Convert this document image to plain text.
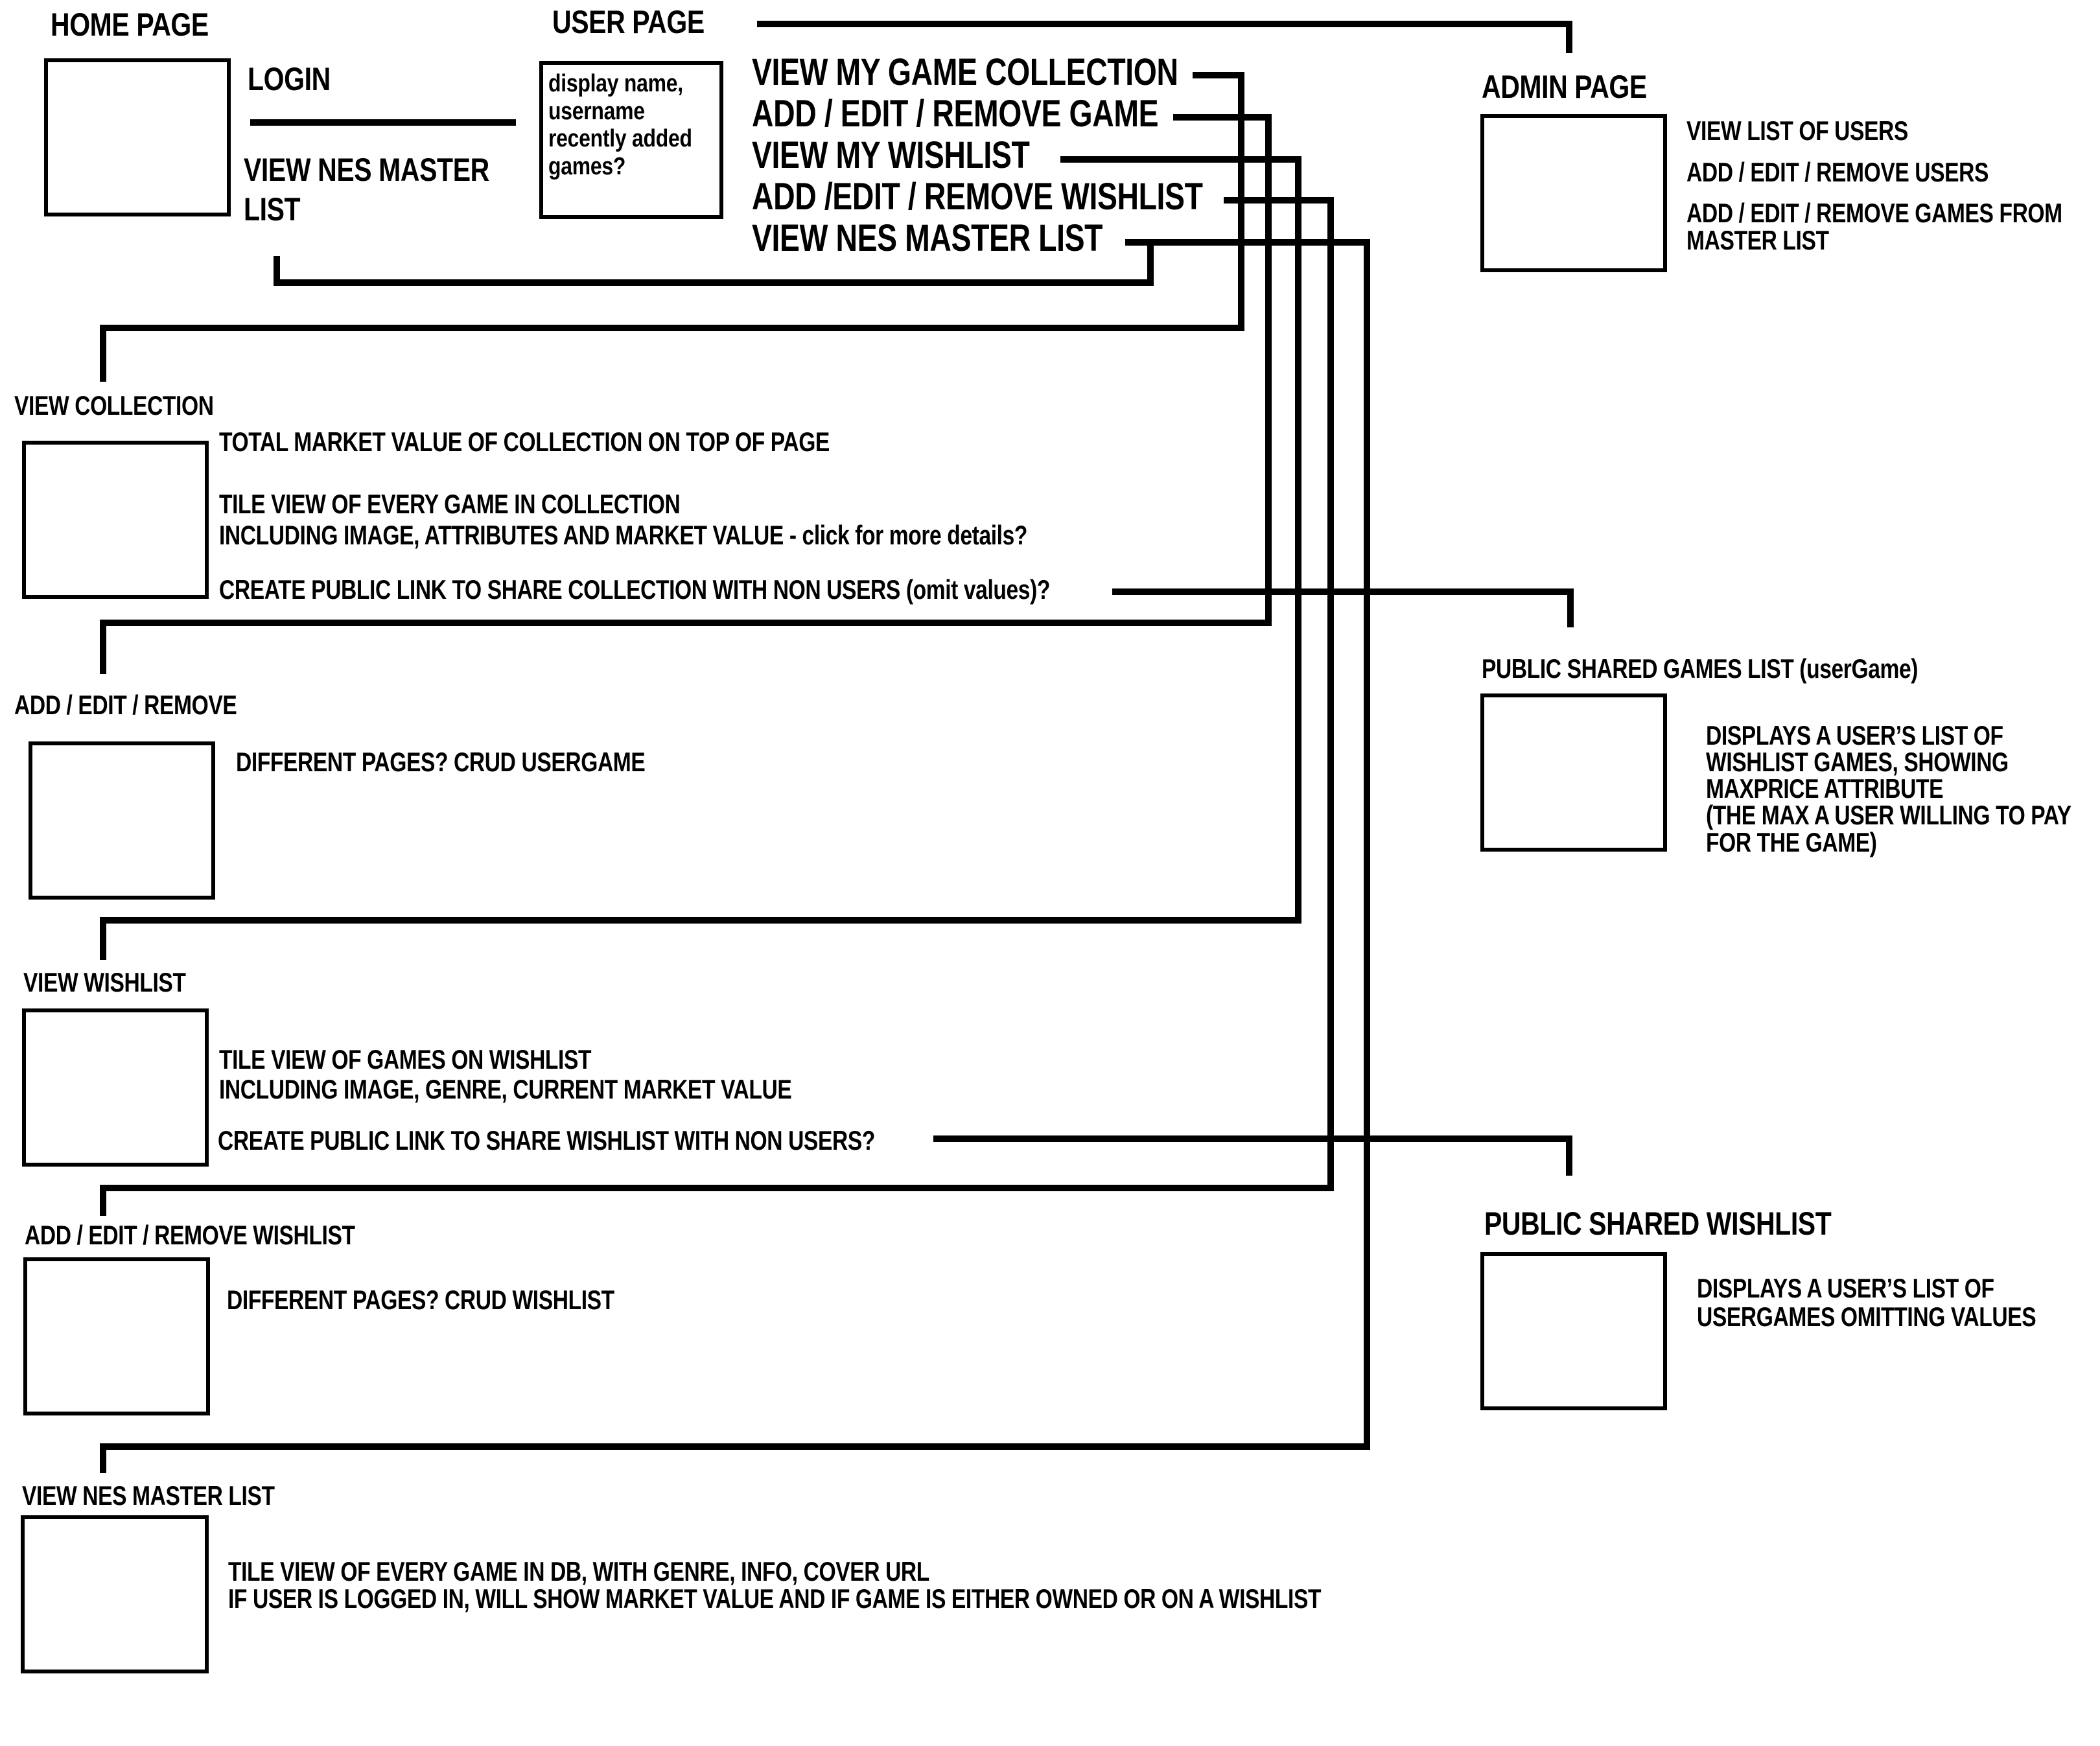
HOME PAGE
LOGIN
VIEW NES MASTER
LIST
USER PAGE
display name,
username
recently added
games?
VIEW MY GAME COLLECTION
ADD / EDIT / REMOVE GAME
VIEW MY WISHLIST
ADD /EDIT / REMOVE WISHLIST
VIEW NES MASTER LIST
ADMIN PAGE
VIEW LIST OF USERS
ADD / EDIT / REMOVE USERS
ADD / EDIT / REMOVE GAMES FROM
MASTER LIST
VIEW COLLECTION
TOTAL MARKET VALUE OF COLLECTION ON TOP OF PAGE
TILE VIEW OF EVERY GAME IN COLLECTION
INCLUDING IMAGE, ATTRIBUTES AND MARKET VALUE - click for more details?
CREATE PUBLIC LINK TO SHARE COLLECTION WITH NON USERS (omit values)?
ADD / EDIT / REMOVE
DIFFERENT PAGES? CRUD USERGAME
PUBLIC SHARED GAMES LIST (userGame)
DISPLAYS A USER’S LIST OF
WISHLIST GAMES, SHOWING
MAXPRICE ATTRIBUTE
(THE MAX A USER WILLING TO PAY
FOR THE GAME)
VIEW WISHLIST
TILE VIEW OF GAMES ON WISHLIST
INCLUDING IMAGE, GENRE, CURRENT MARKET VALUE
CREATE PUBLIC LINK TO SHARE WISHLIST WITH NON USERS?
ADD / EDIT / REMOVE WISHLIST
DIFFERENT PAGES? CRUD WISHLIST
PUBLIC SHARED WISHLIST
DISPLAYS A USER’S LIST OF
USERGAMES OMITTING VALUES
VIEW NES MASTER LIST
TILE VIEW OF EVERY GAME IN DB, WITH GENRE, INFO, COVER URL
IF USER IS LOGGED IN, WILL SHOW MARKET VALUE AND IF GAME IS EITHER OWNED OR ON A WISHLIST
